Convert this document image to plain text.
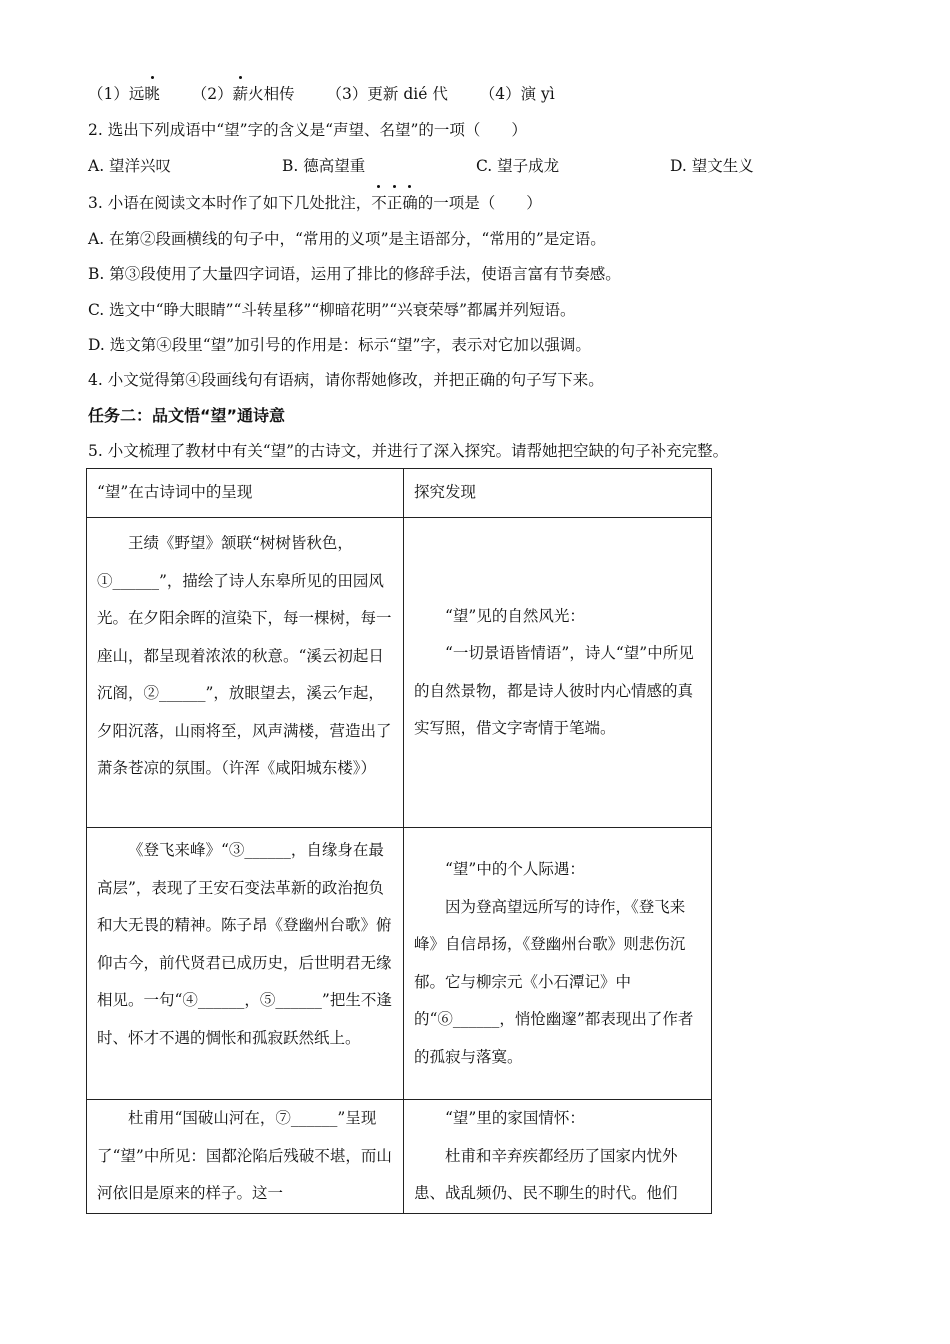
（1）远眺 （2）薪火相传 （3）更新 dié 代 （4）演 yì
2. 选出下列成语中“望”字的含义是“声望、名望”的一项（　　）
A. 望洋兴叹	B. 德高望重	C. 望子成龙	D. 望文生义
3. 小语在阅读文本时作了如下几处批注，不正确
的一项是（　　）
A. 在第②段画横线的句子中，“常用的义项”是主语部分，“常用的”是定语。
B. 第③段使用了大量四字词语，运用了排比的修辞手法，使语言富有节奏感。
C. 选文中“睁大眼睛”“斗转星移”“柳暗花明”“兴衰荣辱”都属并列短语。
D. 选文第④段里“望”加引号的作用是：标示“望”字，表示对它加以强调。
4. 小文觉得第④段画线句有语病，请你帮她修改，并把正确的句子写下来。
任务二：品文悟“望”通诗意
5. 小文梳理了教材中有关“望”的古诗文，并进行了深入探究。请帮她把空缺的句子补充完整。
“望”在古诗词中的呈现	探究发现

王绩《野望》颔联“树树皆秋色，①______”，描绘了诗人东皋所见的田园风光。在夕阳余晖的渲染下，每一棵树，每一座山，都呈现着浓浓的秋意。“溪云初起日沉阁，②______”，放眼望去，溪云乍起，夕阳沉落，山雨将至，风声满楼，营造出了萧条苍凉的氛围。（许浑《咸阳城东楼》）	“望”见的自然风光：
“一切景语皆情语”，诗人“望”中所见的自然景物，都是诗人彼时内心情感的真实写照，借文字寄情于笔端。

《登飞来峰》“③______，自缘身在最高层”，表现了王安石变法革新的政治抱负和大无畏的精神。陈子昂《登幽州台歌》俯仰古今，前代贤君已成历史，后世明君无缘相见。一句“④______，⑤______”把生不逢时、怀才不遇的惆怅和孤寂跃然纸上。	“望”中的个人际遇：
因为登高望远所写的诗作，《登飞来峰》自信昂扬，《登幽州台歌》则悲伤沉郁。它与柳宗元《小石潭记》中的“⑥______，悄怆幽邃”都表现出了作者的孤寂与落寞。

杜甫用“国破山河在，⑦______”呈现了“望”中所见：国都沦陷后残破不堪，而山河依旧是原来的样子。这一	“望”里的家国情怀：
杜甫和辛弃疾都经历了国家内忧外患、战乱频仍、民不聊生的时代。他们
